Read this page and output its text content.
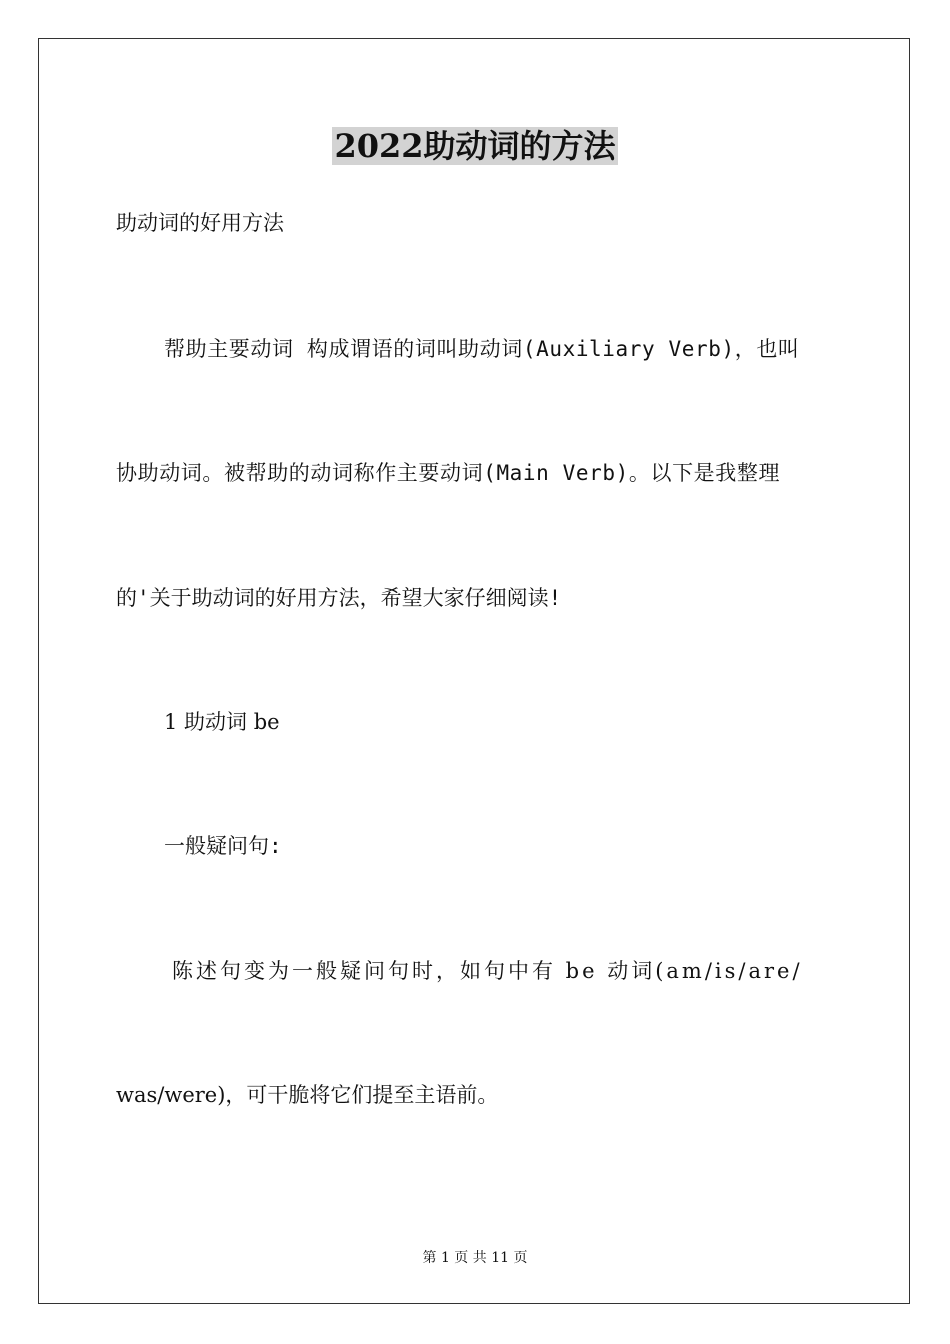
2022助动词的方法
助动词的好用方法
帮助主要动词 构成谓语的词叫助动词(Auxiliary Verb)，也叫
协助动词。被帮助的动词称作主要动词(Main Verb)。以下是我整理
的'关于助动词的好用方法，希望大家仔细阅读!
1 助动词 be
一般疑问句:
陈述句变为一般疑问句时，如句中有 be 动词(am/is/are/
was/were)，可干脆将它们提至主语前。
第 1 页 共 11 页
